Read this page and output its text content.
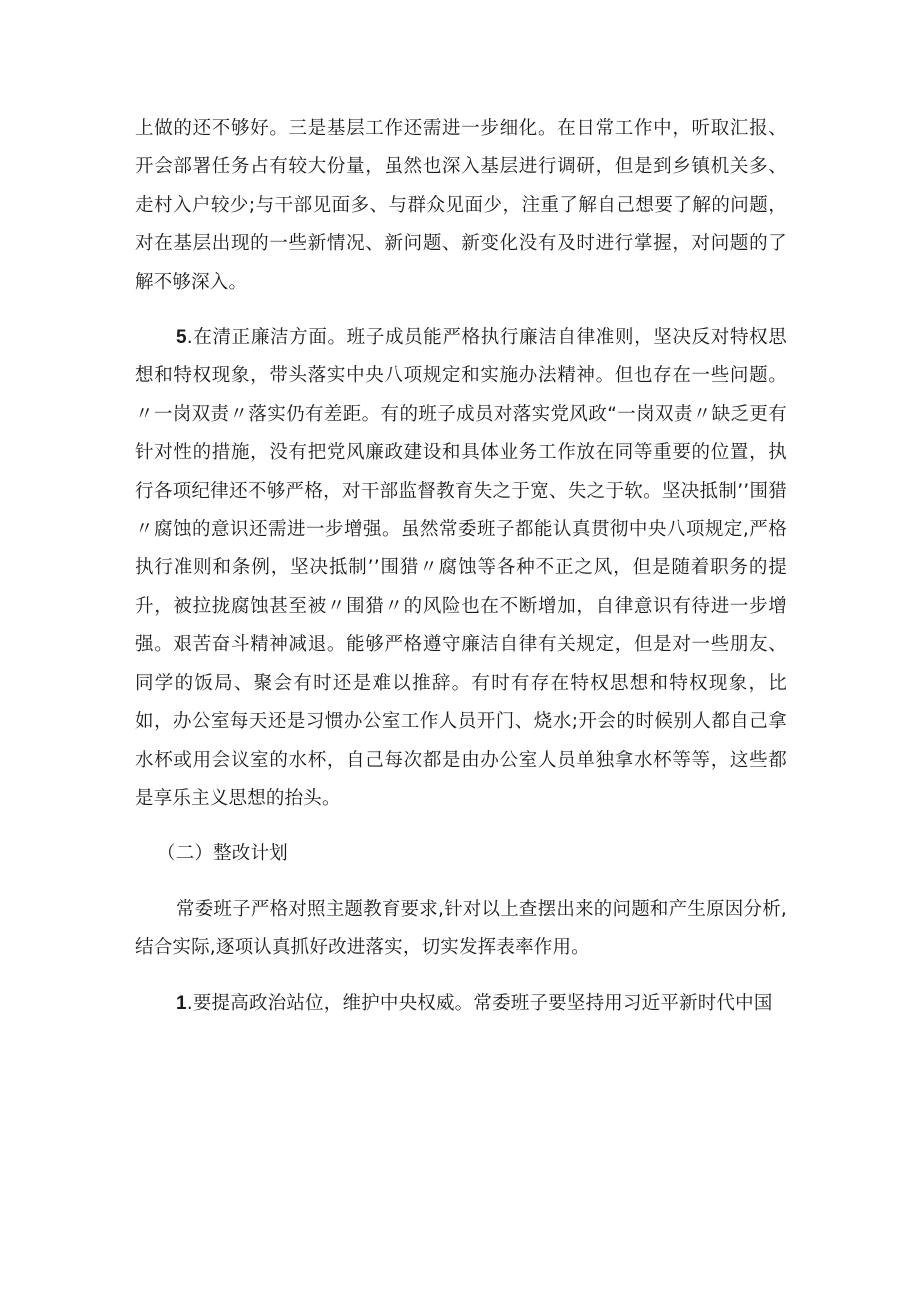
上做的还不够好。三是基层工作还需进一步细化。在日常工作中，听取汇报、开会部署任务占有较大份量，虽然也深入基层进行调研，但是到乡镇机关多、走村入户较少;与干部见面多、与群众见面少，注重了解自己想要了解的问题，对在基层出现的一些新情况、新问题、新变化没有及时进行掌握，对问题的了解不够深入。

5.在清正廉洁方面。班子成员能严格执行廉洁自律准则，坚决反对特权思想和特权现象，带头落实中央八项规定和实施办法精神。但也存在一些问题。〃一岗双责〃落实仍有差距。有的班子成员对落实党风政“一岗双责〃缺乏更有针对性的措施，没有把党风廉政建设和具体业务工作放在同等重要的位置，执行各项纪律还不够严格，对干部监督教育失之于宽、失之于软。坚决抵制’’围猎〃腐蚀的意识还需进一步增强。虽然常委班子都能认真贯彻中央八项规定,严格执行准则和条例，坚决抵制’’围猎〃腐蚀等各种不正之风，但是随着职务的提升，被拉拢腐蚀甚至被〃围猎〃的风险也在不断增加，自律意识有待进一步增强。艰苦奋斗精神减退。能够严格遵守廉洁自律有关规定，但是对一些朋友、同学的饭局、聚会有时还是难以推辞。有时有存在特权思想和特权现象，比如，办公室每天还是习惯办公室工作人员开门、烧水;开会的时候别人都自己拿水杯或用会议室的水杯，自己每次都是由办公室人员单独拿水杯等等，这些都是享乐主义思想的抬头。

（二）整改计划

常委班子严格对照主题教育要求,针对以上查摆出来的问题和产生原因分析,结合实际,逐项认真抓好改进落实，切实发挥表率作用。

1.要提高政治站位，维护中央权威。常委班子要坚持用习近平新时代中国
